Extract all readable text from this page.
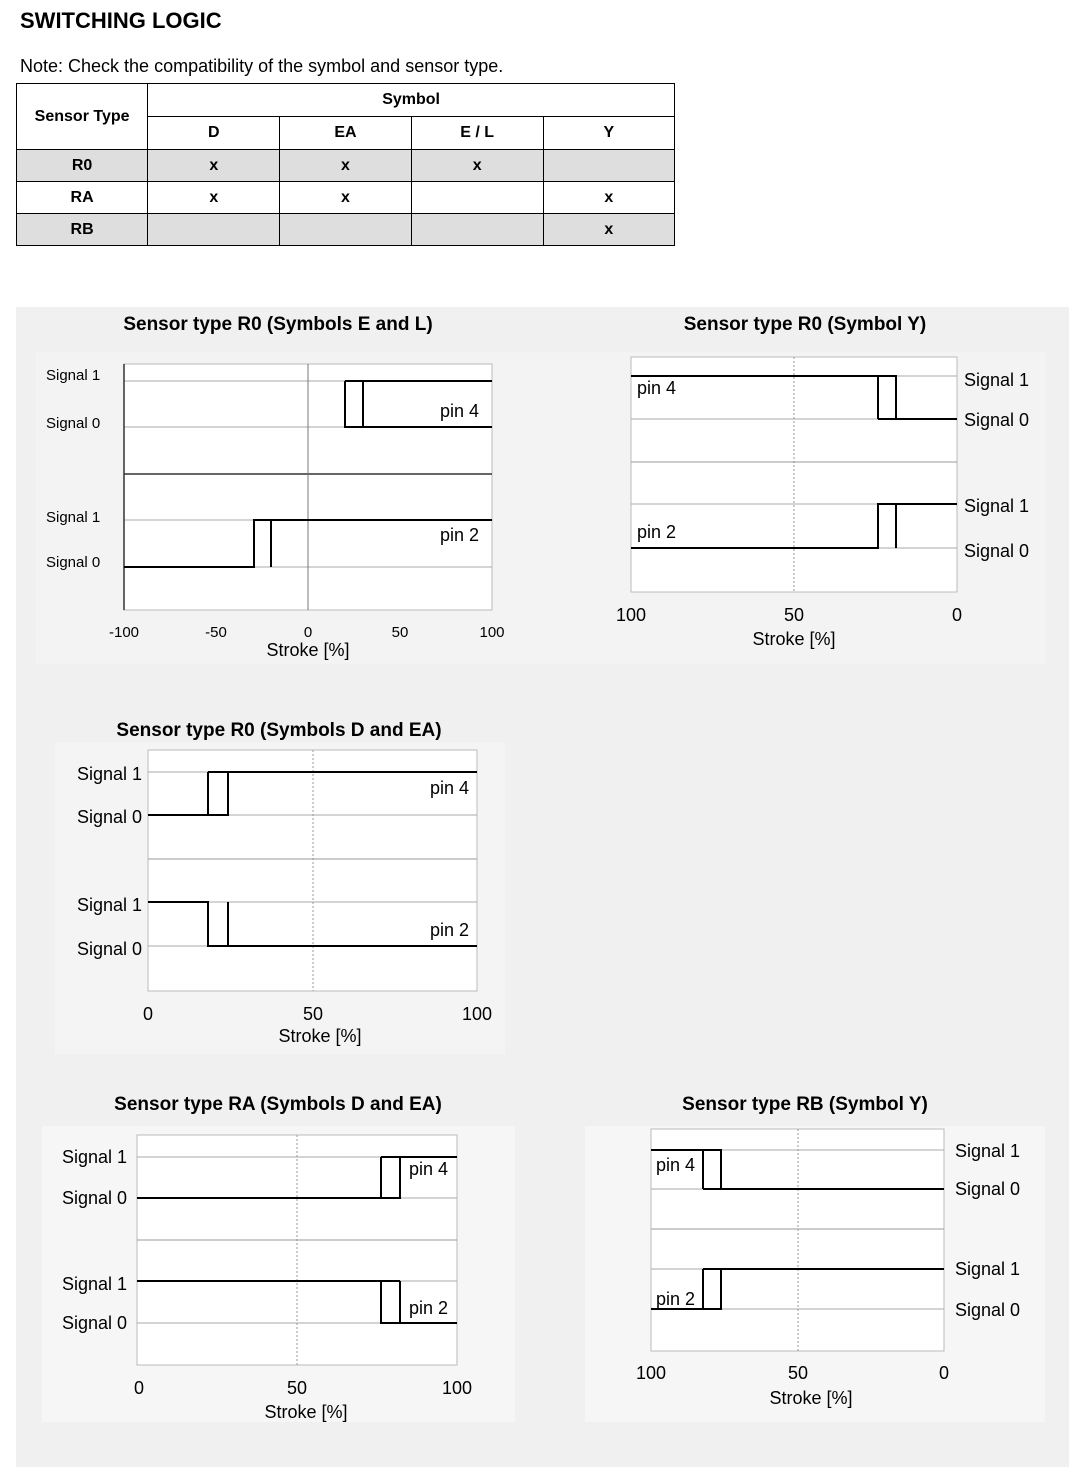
SWITCHING LOGIC
Note: Check the compatibility of the symbol and sensor type.
Sensor Type	Symbol			
	D	EA	E / L	Y
R0	x	x	x	
RA	x	x		x
RB				x
Sensor type R0 (Symbols E and L)
Signal 1
Signal 0
Signal 1
Signal 0
pin 4
pin 2
-100	-50	0	50	100
Stroke [%]
Sensor type R0 (Symbol Y)
pin 4
pin 2
Signal 1
Signal 0
Signal 1
Signal 0
100	50	0
Stroke [%]
Sensor type R0 (Symbols D and EA)
Signal 1
Signal 0
Signal 1
Signal 0
pin 4
pin 2
0	50	100
Stroke [%]
Sensor type RA (Symbols D and EA)
Signal 1
Signal 0
Signal 1
Signal 0
pin 4
pin 2
0	50	100
Stroke [%]
Sensor type RB (Symbol Y)
pin 4
pin 2
Signal 1
Signal 0
Signal 1
Signal 0
100	50	0
Stroke [%]
